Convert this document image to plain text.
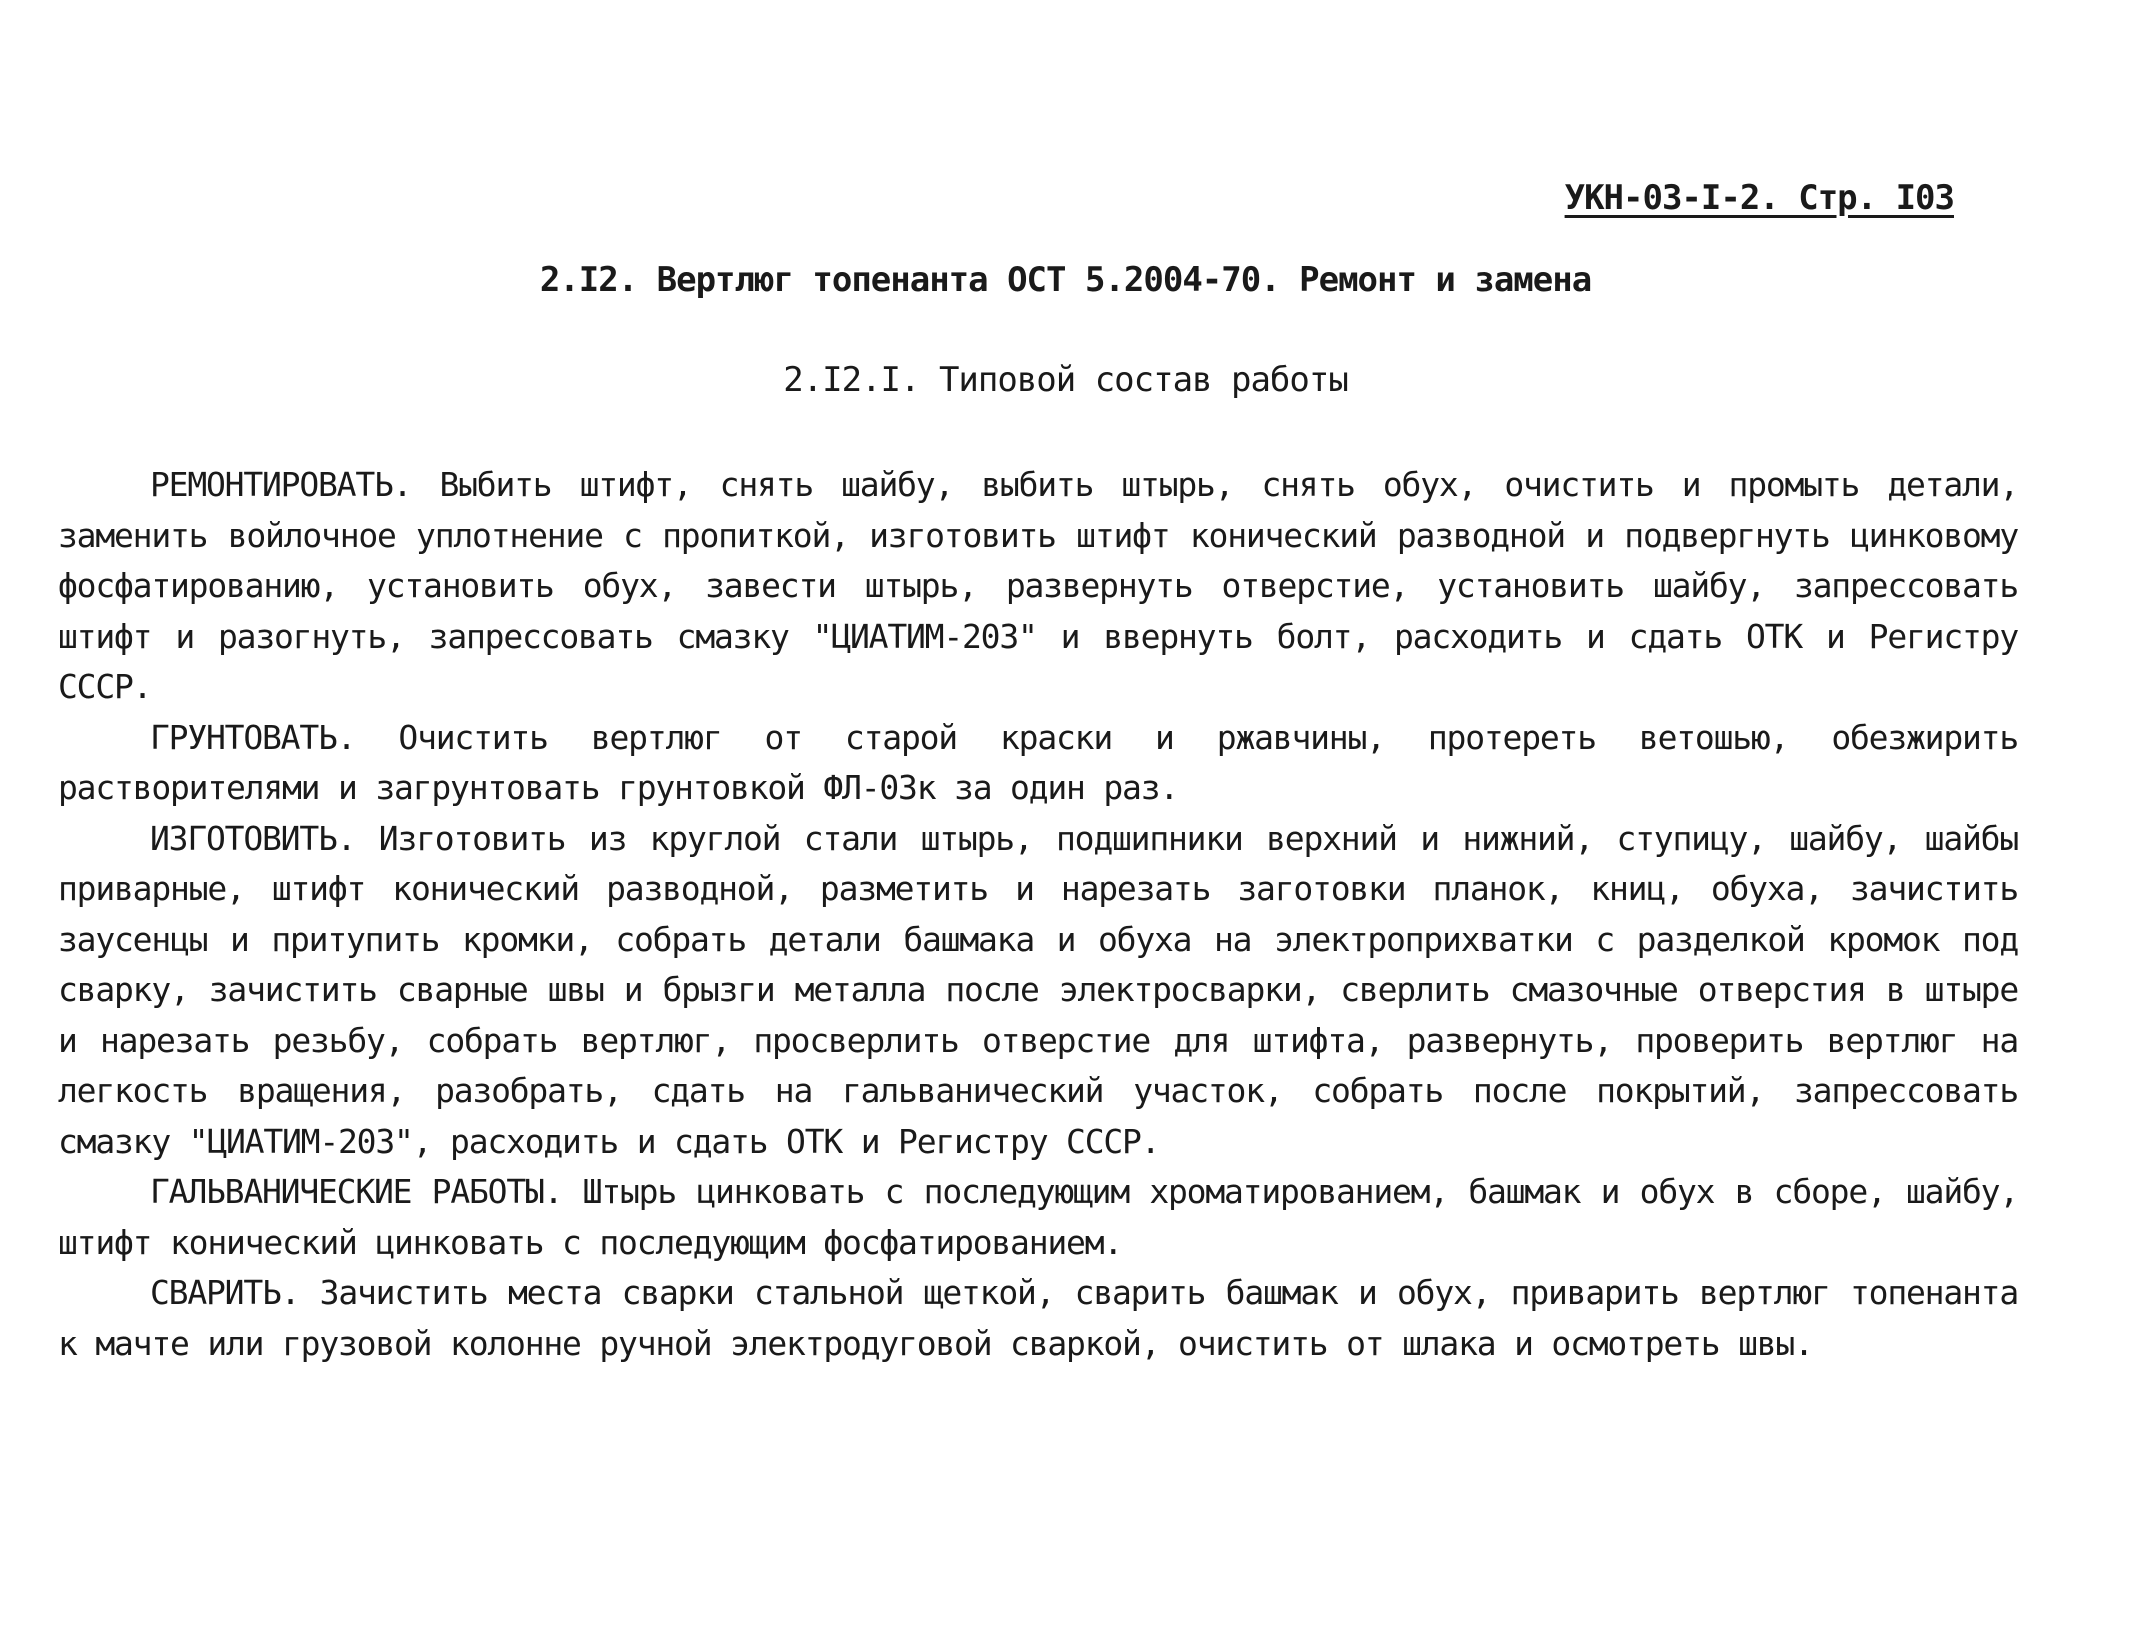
УКН-03-I-2. Стр. I03
2.I2. Вертлюг топенанта ОСТ 5.2004-70. Ремонт и замена
2.I2.I. Типовой состав работы

РЕМОНТИРОВАТЬ. Выбить штифт, снять шайбу, выбить штырь, снять обух, очистить и промыть детали, заменить войлочное уплотнение с пропиткой, изготовить штифт конический разводной и подвергнуть цинковому фосфатированию, установить обух, завести штырь, развернуть отверстие, установить шайбу, запрессовать штифт и разогнуть, запрессовать смазку "ЦИАТИМ-203" и ввернуть болт, расходить и сдать ОТК и Регистру СССР.

ГРУНТОВАТЬ. Очистить вертлюг от старой краски и ржавчины, протереть ветошью, обезжирить растворителями и загрунтовать грунтовкой ФЛ-03к за один раз.

ИЗГОТОВИТЬ. Изготовить из круглой стали штырь, подшипники верхний и нижний, ступицу, шайбу, шайбы приварные, штифт конический разводной, разметить и нарезать заготовки планок, книц, обуха, зачистить заусенцы и притупить кромки, собрать детали башмака и обуха на электроприхватки с разделкой кромок под сварку, зачистить сварные швы и брызги металла после электросварки, сверлить смазочные отверстия в штыре и нарезать резьбу, собрать вертлюг, просверлить отверстие для штифта, развернуть, проверить вертлюг на легкость вращения, разобрать, сдать на гальванический участок, собрать после покрытий, запрессовать смазку "ЦИАТИМ-203", расходить и сдать ОТК и Регистру СССР.

ГАЛЬВАНИЧЕСКИЕ РАБОТЫ. Штырь цинковать с последующим хроматированием, башмак и обух в сборе, шайбу, штифт конический цинковать с последующим фосфатированием.

СВАРИТЬ. Зачистить места сварки стальной щеткой, сварить башмак и обух, приварить вертлюг топенанта к мачте или грузовой колонне ручной электродуговой сваркой, очистить от шлака и осмотреть швы.
